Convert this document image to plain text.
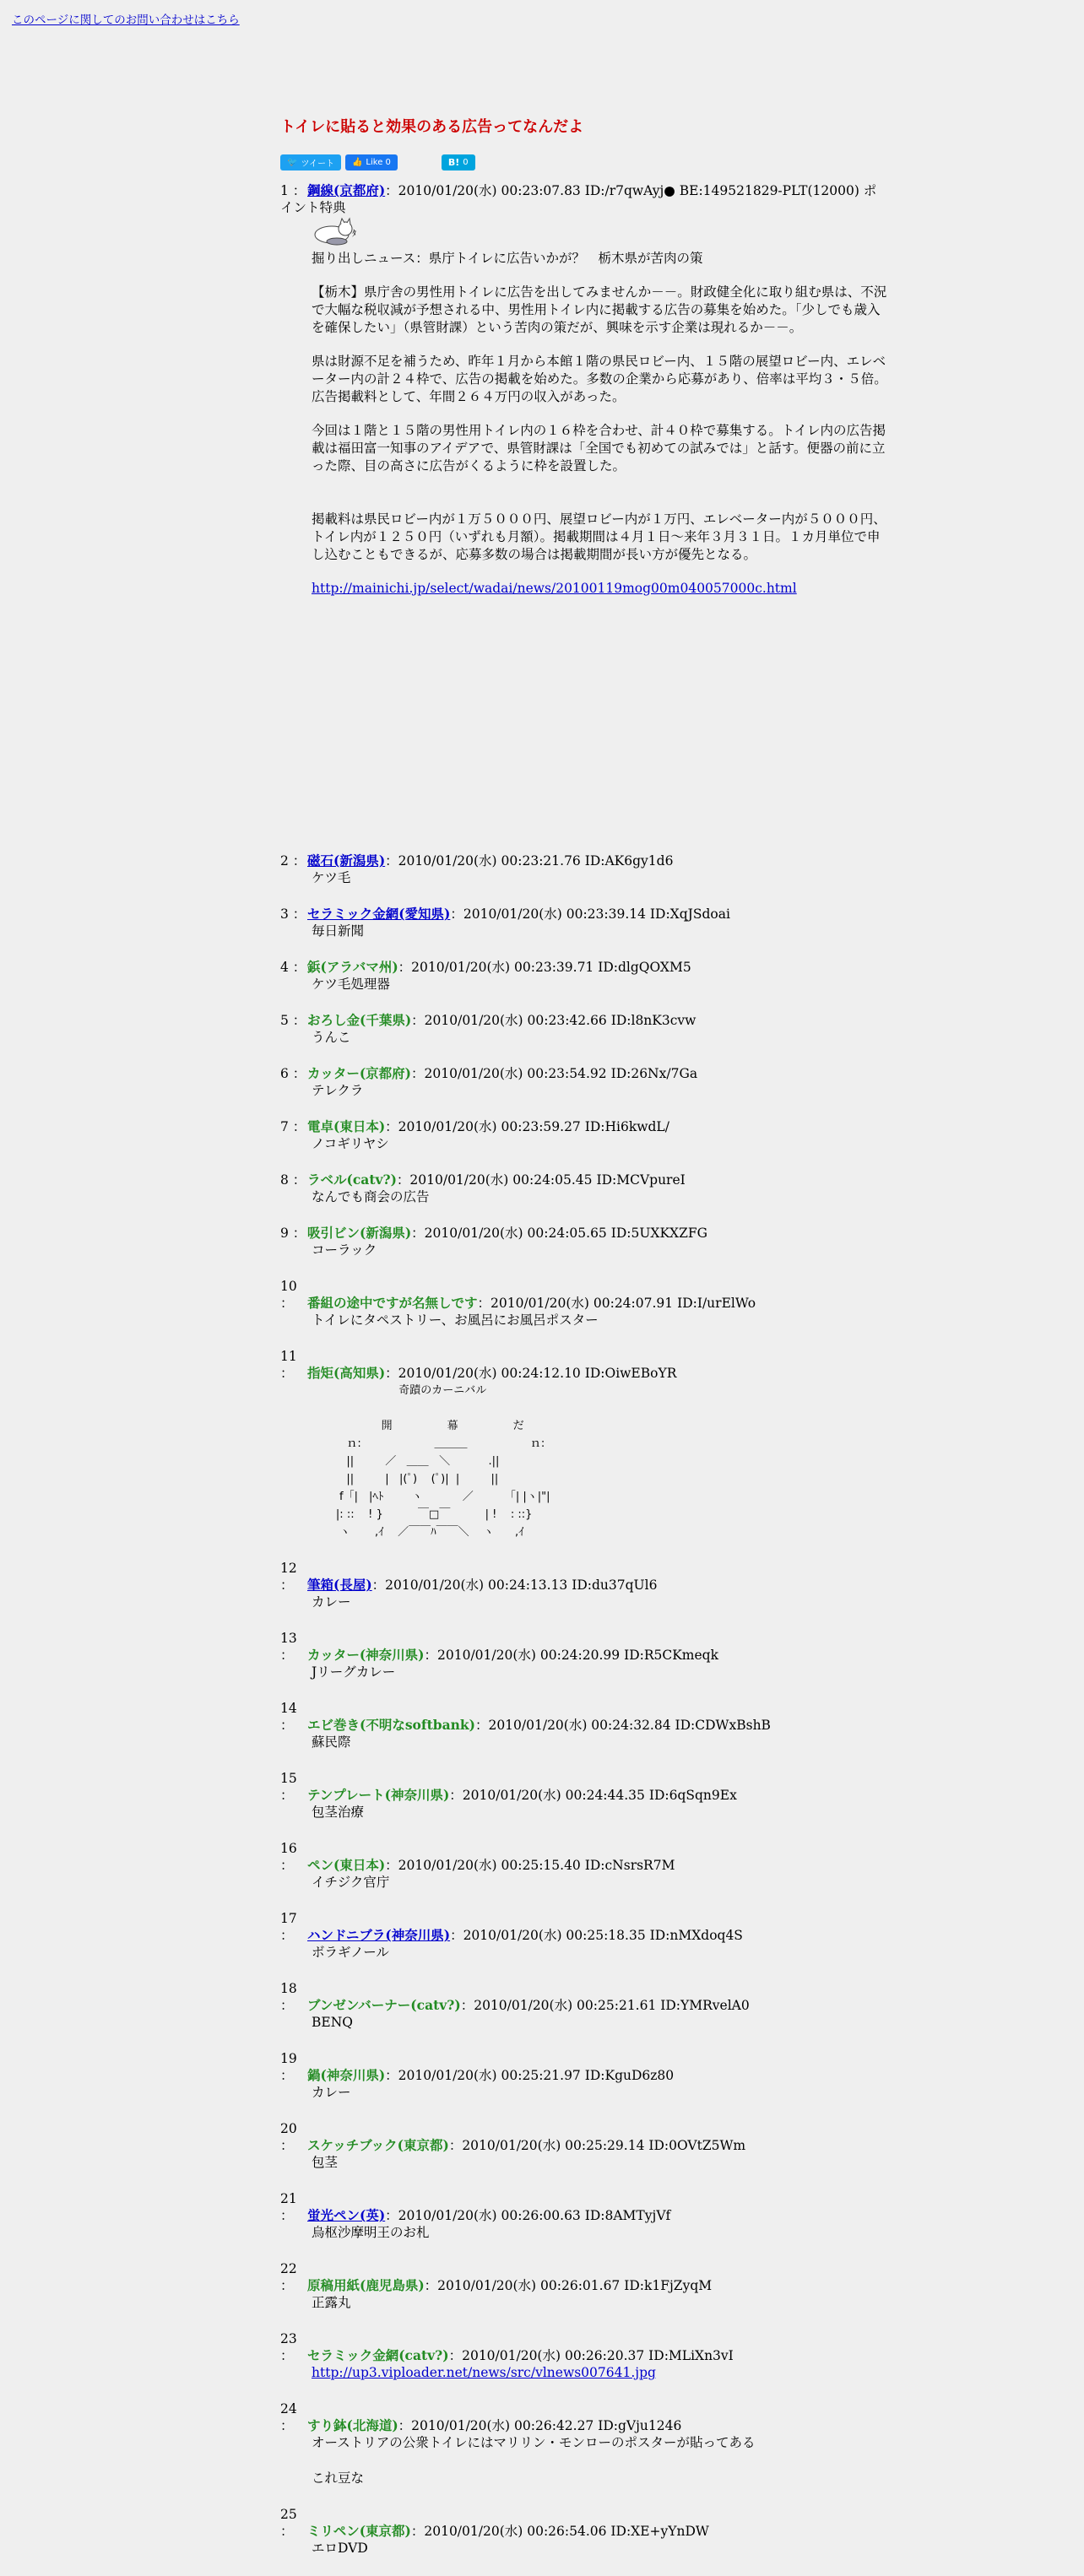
このページに関してのお問い合わせはこちら
トイレに貼ると効果のある広告ってなんだよ
🐦 ツイート 👍 Like 0	B! 0
1 ： 鋼線(京都府)：2010/01/20(水) 00:23:07.83 ID:/r7qwAyj● BE:149521829-PLT(12000) ポイント特典
ﾀ

掘り出しニュース：県庁トイレに広告いかが？　栃木県が苦肉の策

【栃木】県庁舎の男性用トイレに広告を出してみませんか－－。財政健全化に取り組む県は、不況で大幅な税収減が予想される中、男性用トイレ内に掲載する広告の募集を始めた。「少しでも歳入を確保したい」（県管財課）という苦肉の策だが、興味を示す企業は現れるか－－。

県は財源不足を補うため、昨年１月から本館１階の県民ロビー内、１５階の展望ロビー内、エレベーター内の計２４枠で、広告の掲載を始めた。多数の企業から応募があり、倍率は平均３・５倍。広告掲載料として、年間２６４万円の収入があった。

今回は１階と１５階の男性用トイレ内の１６枠を合わせ、計４０枠で募集する。トイレ内の広告掲載は福田富一知事のアイデアで、県管財課は「全国でも初めての試みでは」と話す。便器の前に立った際、目の高さに広告がくるように枠を設置した。

掲載料は県民ロビー内が１万５０００円、展望ロビー内が１万円、エレベーター内が５０００円、トイレ内が１２５０円（いずれも月額）。掲載期間は４月１日～来年３月３１日。１カ月単位で申し込むこともできるが、応募多数の場合は掲載期間が長い方が優先となる。

http://mainichi.jp/select/wadai/news/20100119mog00m040057000c.html
2 ： 磁石(新潟県)：2010/01/20(水) 00:23:21.76 ID:AK6gy1d6
ケツ毛
3 ： セラミック金網(愛知県)：2010/01/20(水) 00:23:39.14 ID:XqJSdoai
毎日新聞
4 ： 鋲(アラバマ州)：2010/01/20(水) 00:23:39.71 ID:dlgQOXM5
ケツ毛処理器
5 ： おろし金(千葉県)：2010/01/20(水) 00:23:42.66 ID:l8nK3cvw
うんこ
6 ： カッター(京都府)：2010/01/20(水) 00:23:54.92 ID:26Nx/7Ga
テレクラ
7 ： 電卓(東日本)：2010/01/20(水) 00:23:59.27 ID:Hi6kwdL/
ノコギリヤシ
8 ： ラベル(catv?)：2010/01/20(水) 00:24:05.45 ID:MCVpureI
なんでも商会の広告
9 ： 吸引ビン(新潟県)：2010/01/20(水) 00:24:05.65 ID:5UXKXZFG
コーラック
10 ： 番組の途中ですが名無しです：2010/01/20(水) 00:24:07.91 ID:I/urElWo
トイレにタペストリー、お風呂にお風呂ポスター
11 ： 指矩(高知県)：2010/01/20(水) 00:24:12.10 ID:OiwEBoYR
奇蹟のカーニバル

開　　　　　幕　　　　　だ
ｎ:                     ＿＿＿                  ｎ:
||         ／   ＿＿   ＼           .||
||         |   |(ﾟ)    (ﾟ)|  |         ||
f「|　|ﾍﾄ        ヽ　　　  ／         「| |ヽ|"|
|: ::    ! }          ￣□￣          | !    : ::}
ヽ       ,ｲ    ／￣￣ﾊ￣￣＼    ヽ      ,ｲ
12 ： 筆箱(長屋)：2010/01/20(水) 00:24:13.13 ID:du37qUl6
カレー
13 ： カッター(神奈川県)：2010/01/20(水) 00:24:20.99 ID:R5CKmeqk
Jリーグカレー
14 ： エビ巻き(不明なsoftbank)：2010/01/20(水) 00:24:32.84 ID:CDWxBshB
蘇民際
15 ： テンプレート(神奈川県)：2010/01/20(水) 00:24:44.35 ID:6qSqn9Ex
包茎治療
16 ： ペン(東日本)：2010/01/20(水) 00:25:15.40 ID:cNsrsR7M
イチジク官庁
17 ： ハンドニブラ(神奈川県)：2010/01/20(水) 00:25:18.35 ID:nMXdoq4S
ボラギノール
18 ： ブンゼンバーナー(catv?)：2010/01/20(水) 00:25:21.61 ID:YMRvelA0
BENQ
19 ： 鍋(神奈川県)：2010/01/20(水) 00:25:21.97 ID:KguD6z80
カレー
20 ： スケッチブック(東京都)：2010/01/20(水) 00:25:29.14 ID:0OVtZ5Wm
包茎
21 ： 蛍光ペン(英)：2010/01/20(水) 00:26:00.63 ID:8AMTyjVf
烏枢沙摩明王のお札
22 ： 原稿用紙(鹿児島県)：2010/01/20(水) 00:26:01.67 ID:k1FjZyqM
正露丸
23 ： セラミック金網(catv?)：2010/01/20(水) 00:26:20.37 ID:MLiXn3vI
http://up3.viploader.net/news/src/vlnews007641.jpg
24 ： すり鉢(北海道)：2010/01/20(水) 00:26:42.27 ID:gVju1246
オーストリアの公衆トイレにはマリリン・モンローのポスターが貼ってある
これ豆な
25 ： ミリペン(東京都)：2010/01/20(水) 00:26:54.06 ID:XE+yYnDW
エロDVD
